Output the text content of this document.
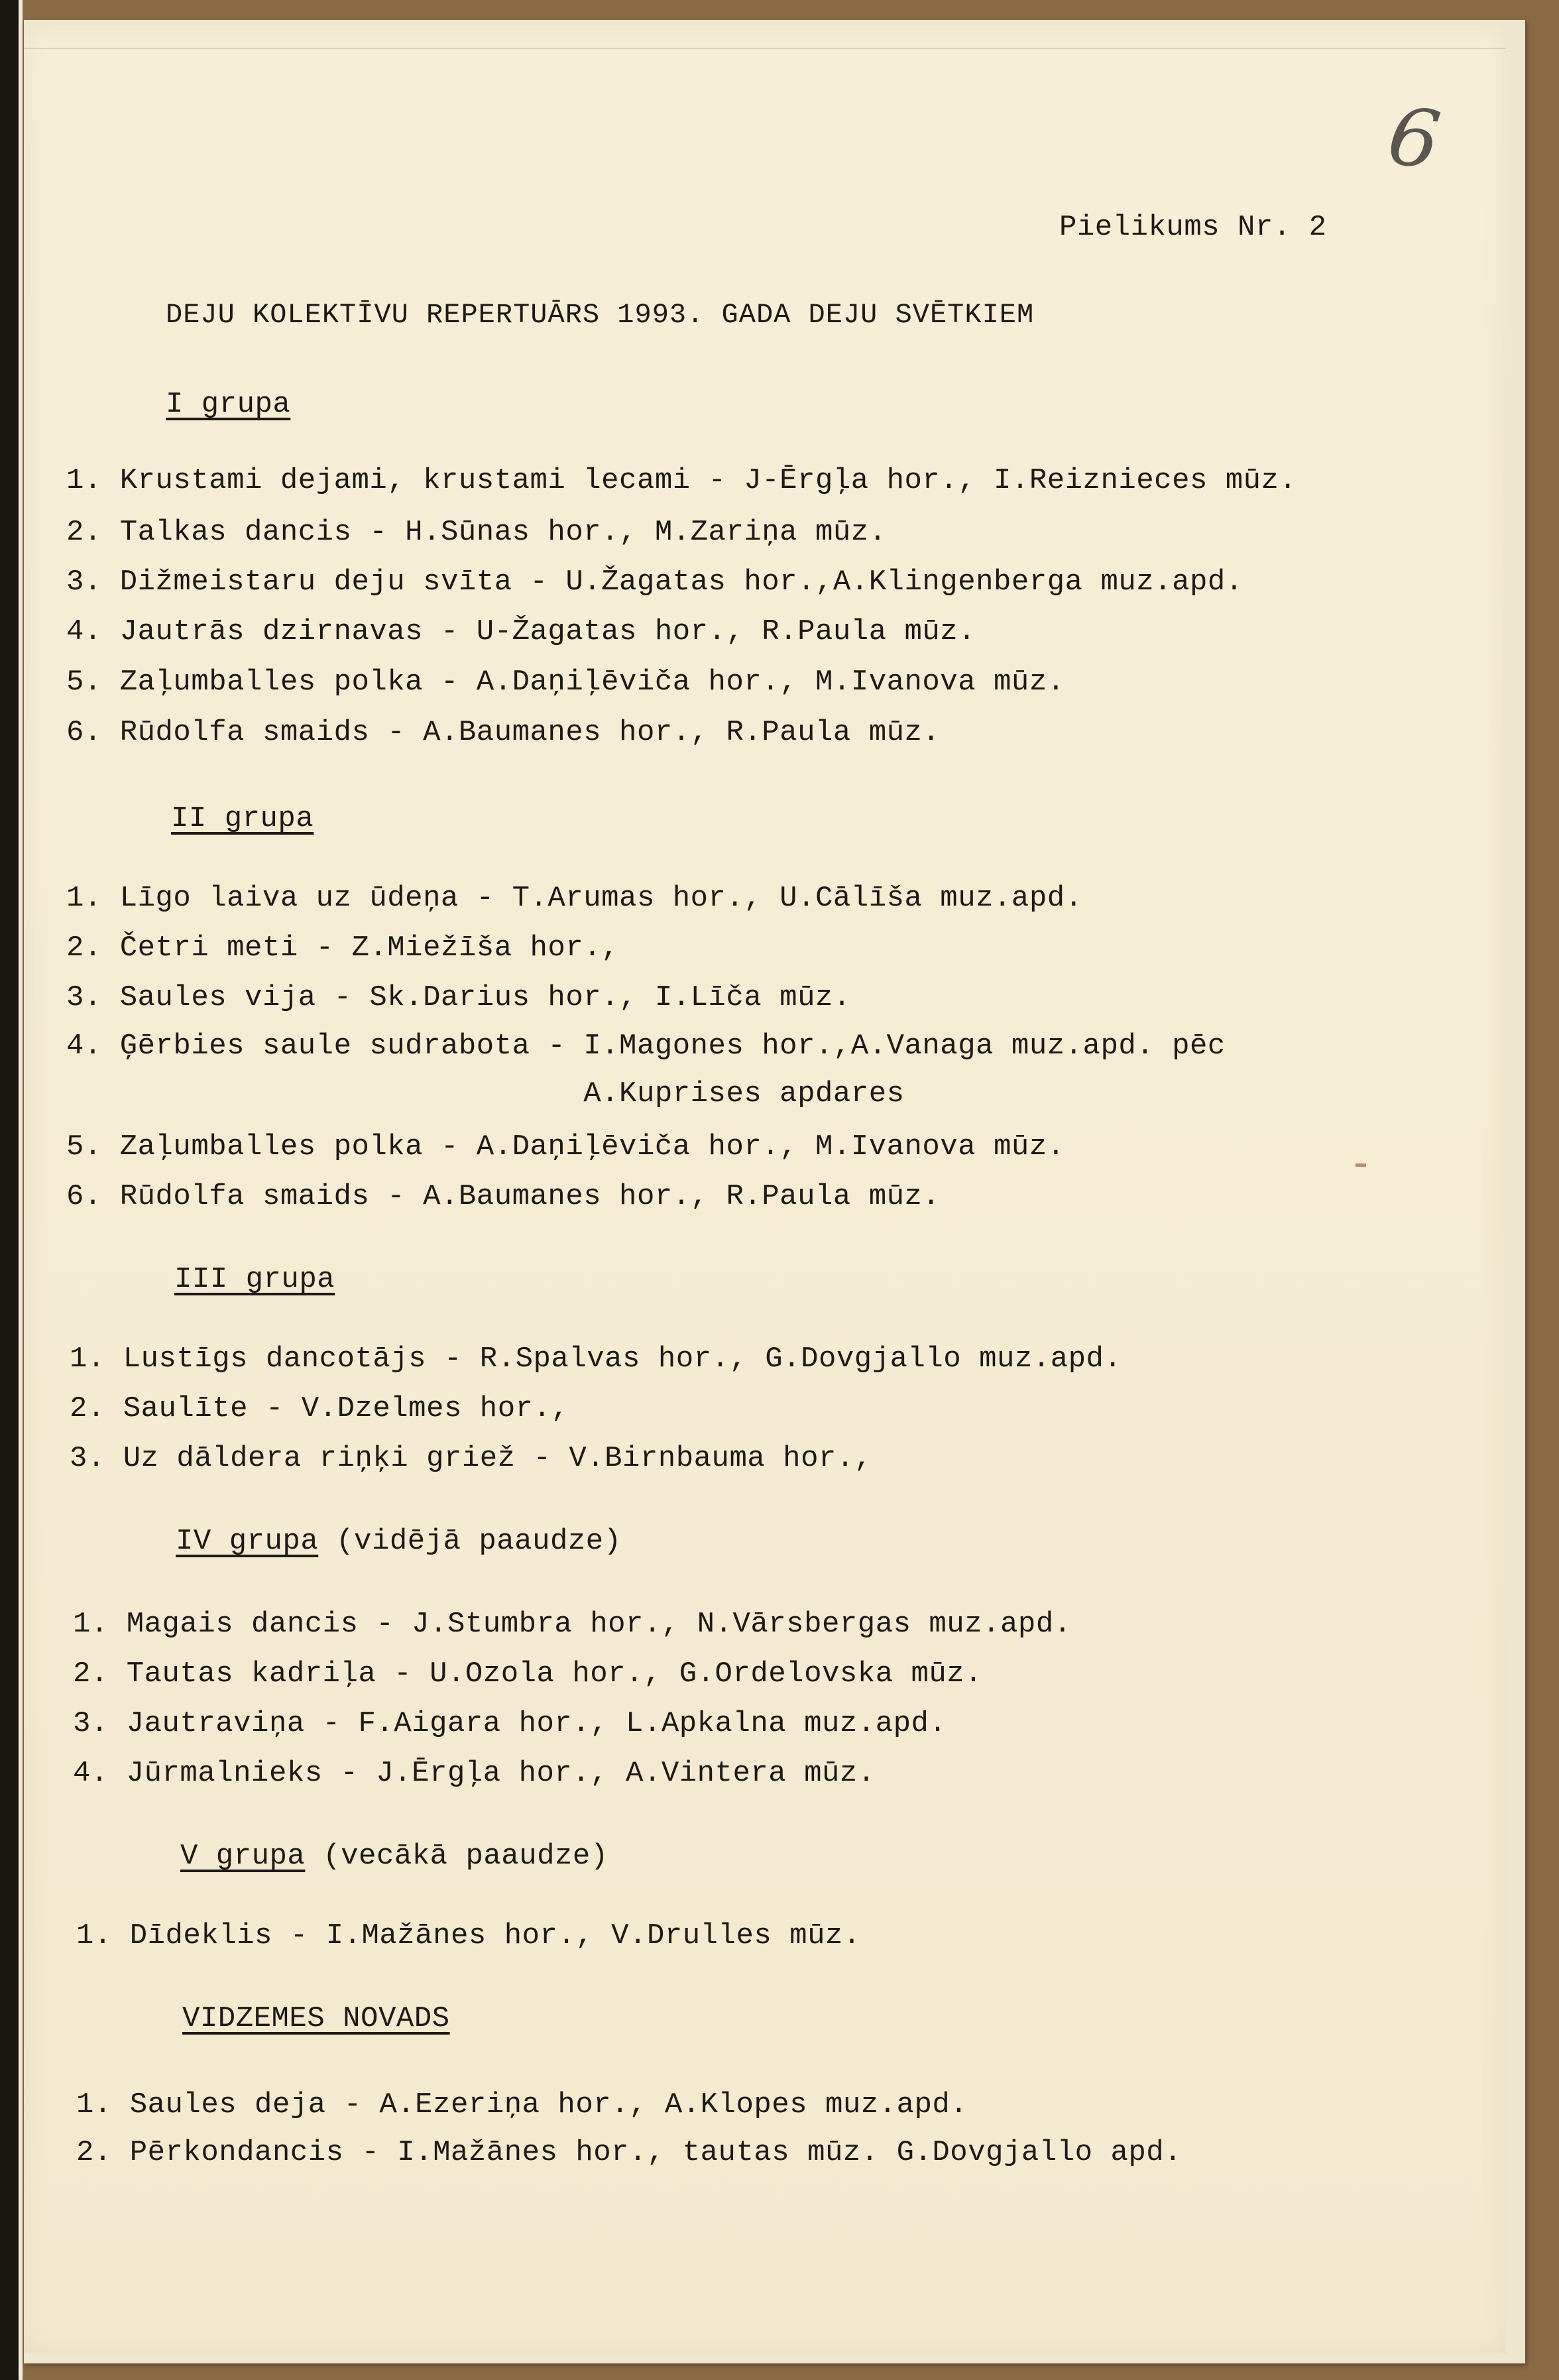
6
Pielikums Nr. 2
DEJU KOLEKTĪVU REPERTUĀRS 1993. GADA DEJU SVĒTKIEM
I grupa
1. Krustami dejami, krustami lecami - J-Ērgļa hor., I.Reiznieces mūz.
2. Talkas dancis - H.Sūnas hor., M.Zariņa mūz.
3. Dižmeistaru deju svīta - U.Žagatas hor.,A.Klingenberga muz.apd.
4. Jautrās dzirnavas - U-Žagatas hor., R.Paula mūz.
5. Zaļumballes polka - A.Daņiļēviča hor., M.Ivanova mūz.
6. Rūdolfa smaids - A.Baumanes hor., R.Paula mūz.
II grupa
1. Līgo laiva uz ūdeņa - T.Arumas hor., U.Cālīša muz.apd.
2. Četri meti - Z.Miežīša hor.,
3. Saules vija - Sk.Darius hor., I.Līča mūz.
4. Ģērbies saule sudrabota - I.Magones hor.,A.Vanaga muz.apd. pēc
A.Kuprises apdares
5. Zaļumballes polka - A.Daņiļēviča hor., M.Ivanova mūz.
6. Rūdolfa smaids - A.Baumanes hor., R.Paula mūz.
III grupa
1. Lustīgs dancotājs - R.Spalvas hor., G.Dovgjallo muz.apd.
2. Saulīte - V.Dzelmes hor.,
3. Uz dāldera riņķi griež - V.Birnbauma hor.,
IV grupa (vidējā paaudze)
1. Magais dancis - J.Stumbra hor., N.Vārsbergas muz.apd.
2. Tautas kadriļa - U.Ozola hor., G.Ordelovska mūz.
3. Jautraviņa - F.Aigara hor., L.Apkalna muz.apd.
4. Jūrmalnieks - J.Ērgļa hor., A.Vintera mūz.
V grupa (vecākā paaudze)
1. Dīdeklis - I.Mažānes hor., V.Drulles mūz.
VIDZEMES NOVADS
1. Saules deja - A.Ezeriņa hor., A.Klopes muz.apd.
2. Pērkondancis - I.Mažānes hor., tautas mūz. G.Dovgjallo apd.
